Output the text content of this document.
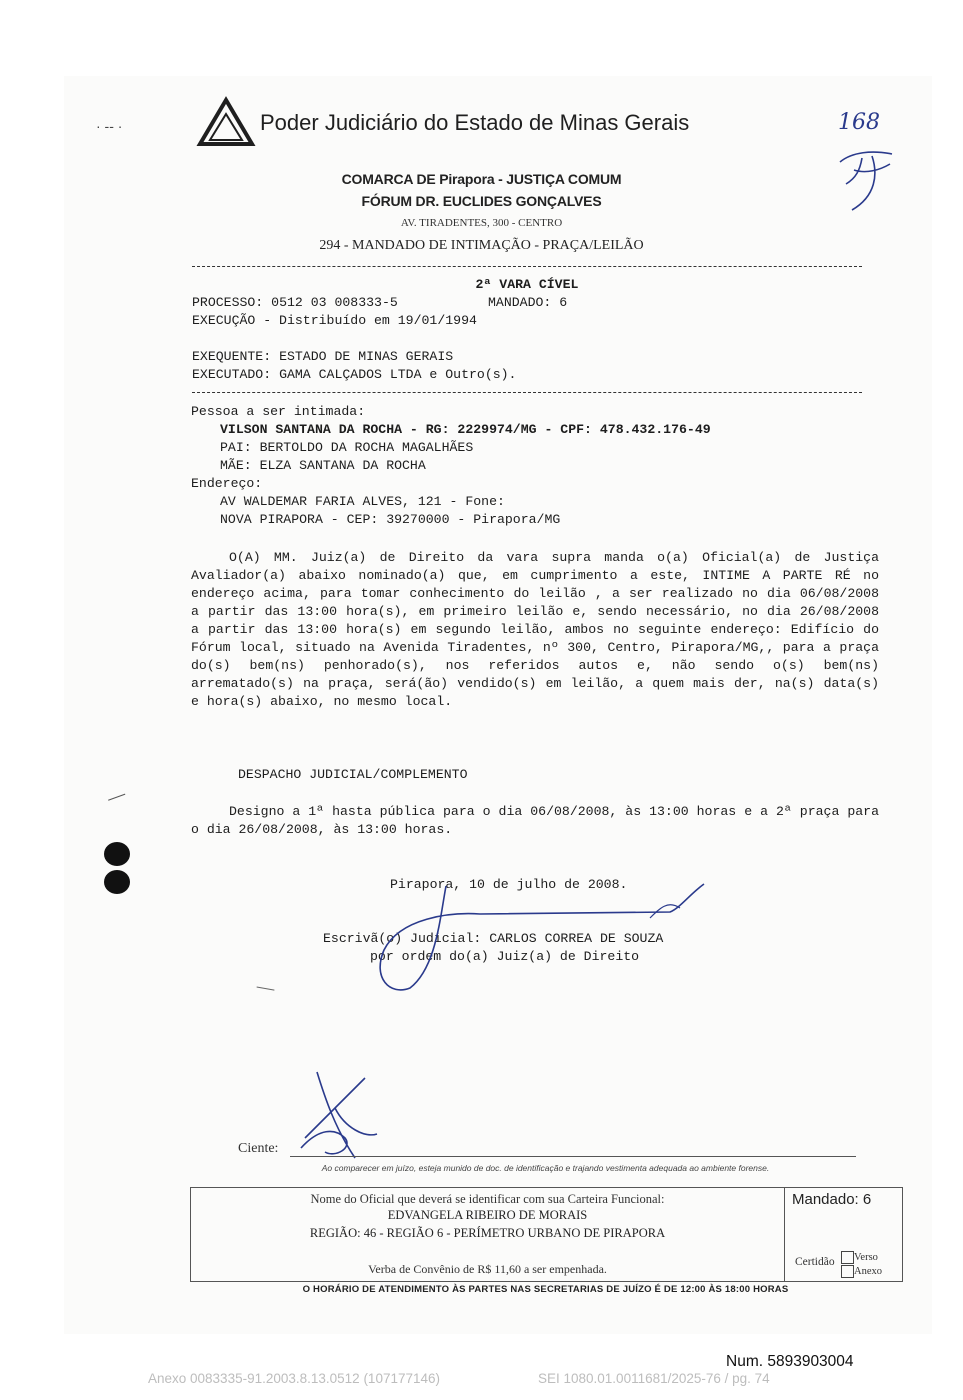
· ‑‑ ·	Poder Judiciário do Estado de Minas Gerais	168
COMARCA DE Pirapora - JUSTIÇA COMUM
FÓRUM DR. EUCLIDES GONÇALVES
AV. TIRADENTES, 300 - CENTRO
294 - MANDADO DE INTIMAÇÃO - PRAÇA/LEILÃO
2ª VARA CÍVEL
PROCESSO: 0512 03 008333-5	MANDADO: 6
EXECUÇÃO - Distribuído em 19/01/1994
EXEQUENTE: ESTADO DE MINAS GERAIS
EXECUTADO: GAMA CALÇADOS LTDA e Outro(s).
Pessoa a ser intimada:
VILSON SANTANA DA ROCHA - RG: 2229974/MG - CPF: 478.432.176-49
PAI: BERTOLDO DA ROCHA MAGALHÃES
MÃE: ELZA SANTANA DA ROCHA
Endereço:
AV WALDEMAR FARIA ALVES, 121 - Fone:
NOVA PIRAPORA - CEP: 39270000 - Pirapora/MG
O(A) MM. Juiz(a) de Direito da vara supra manda o(a) Oficial(a) de Justiça Avaliador(a) abaixo nominado(a) que, em cumprimento a este, INTIME A PARTE RÉ no endereço acima, para tomar conhecimento do leilão , a ser realizado no dia 06/08/2008 a partir das 13:00 hora(s), em primeiro leilão e, sendo necessário, no dia 26/08/2008 a partir das 13:00 hora(s) em segundo leilão, ambos no seguinte endereço: Edifício do Fórum local, situado na Avenida Tiradentes, nº 300, Centro, Pirapora/MG,, para a praça do(s) bem(ns) penhorado(s), nos referidos autos e, não sendo o(s) bem(ns) arrematado(s) na praça, será(ão) vendido(s) em leilão, a quem mais der, na(s) data(s) e hora(s) abaixo, no mesmo local.
DESPACHO JUDICIAL/COMPLEMENTO
Designo a 1ª hasta pública para o dia 06/08/2008, às 13:00 horas e a 2ª praça para o dia 26/08/2008, às 13:00 horas.
Pirapora, 10 de julho de 2008.
Escrivã(o) Judicial: CARLOS CORREA DE SOUZA
por ordem do(a) Juiz(a) de Direito
Ciente:
Ao comparecer em juízo, esteja munido de doc. de identificação e trajando vestimenta adequada ao ambiente forense.
Nome do Oficial que deverá se identificar com sua Carteira Funcional:
EDVANGELA RIBEIRO DE MORAIS
REGIÃO: 46 - REGIÃO 6 - PERÍMETRO URBANO DE PIRAPORA
Verba de Convênio de R$ 11,60 a ser empenhada.
Mandado: 6
Certidão	Verso
Anexo
O HORÁRIO DE ATENDIMENTO ÀS PARTES NAS SECRETARIAS DE JUÍZO É DE 12:00 ÀS 18:00 HORAS
Num. 5893903004
Anexo 0083335-91.2003.8.13.0512 (107177146)	SEI 1080.01.0011681/2025-76 / pg. 74
